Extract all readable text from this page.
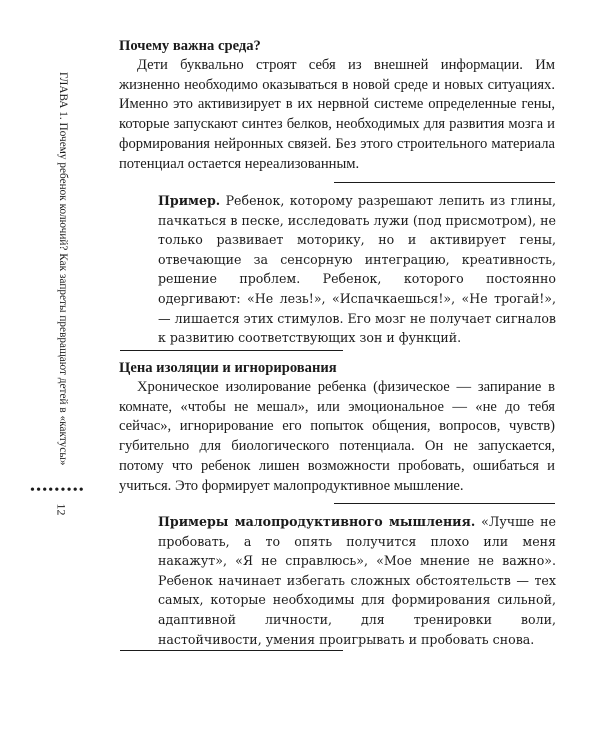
ГЛАВА 1. Почему ребенок колючий? Как запреты превращают детей в «кактусы»
•••••••••
12
Почему важна среда?

Дети буквально строят себя из внешней информации. Им жизненно необходимо оказываться в новой среде и новых ситуациях. Именно это активизирует в их нервной системе определенные гены, которые запускают синтез белков, необходимых для развития мозга и формирования нейронных связей. Без этого строительного материала потенциал остается нереализованным.

Пример. Ребенок, которому разрешают лепить из глины, пачкаться в песке, исследовать лужи (под присмотром), не только развивает моторику, но и активирует гены, отвечающие за сенсорную интеграцию, креативность, решение проблем. Ребенок, которого постоянно одергивают: «Не лезь!», «Испачкаешься!», «Не трогай!», — лишается этих стимулов. Его мозг не получает сигналов к развитию соответствующих зон и функций.
Цена изоляции и игнорирования

Хроническое изолирование ребенка (физическое — запирание в комнате, «чтобы не мешал», или эмоциональное — «не до тебя сейчас», игнорирование его попыток общения, вопросов, чувств) губительно для биологического потенциала. Он не запускается, потому что ребенок лишен возможности пробовать, ошибаться и учиться. Это формирует малопродуктивное мышление.

Примеры малопродуктивного мышления. «Лучше не пробовать, а то опять получится плохо или меня накажут», «Я не справлюсь», «Мое мнение не важно». Ребенок начинает избегать сложных обстоятельств — тех самых, которые необходимы для формирования сильной, адаптивной личности, для тренировки воли, настойчивости, умения проигрывать и пробовать снова.
